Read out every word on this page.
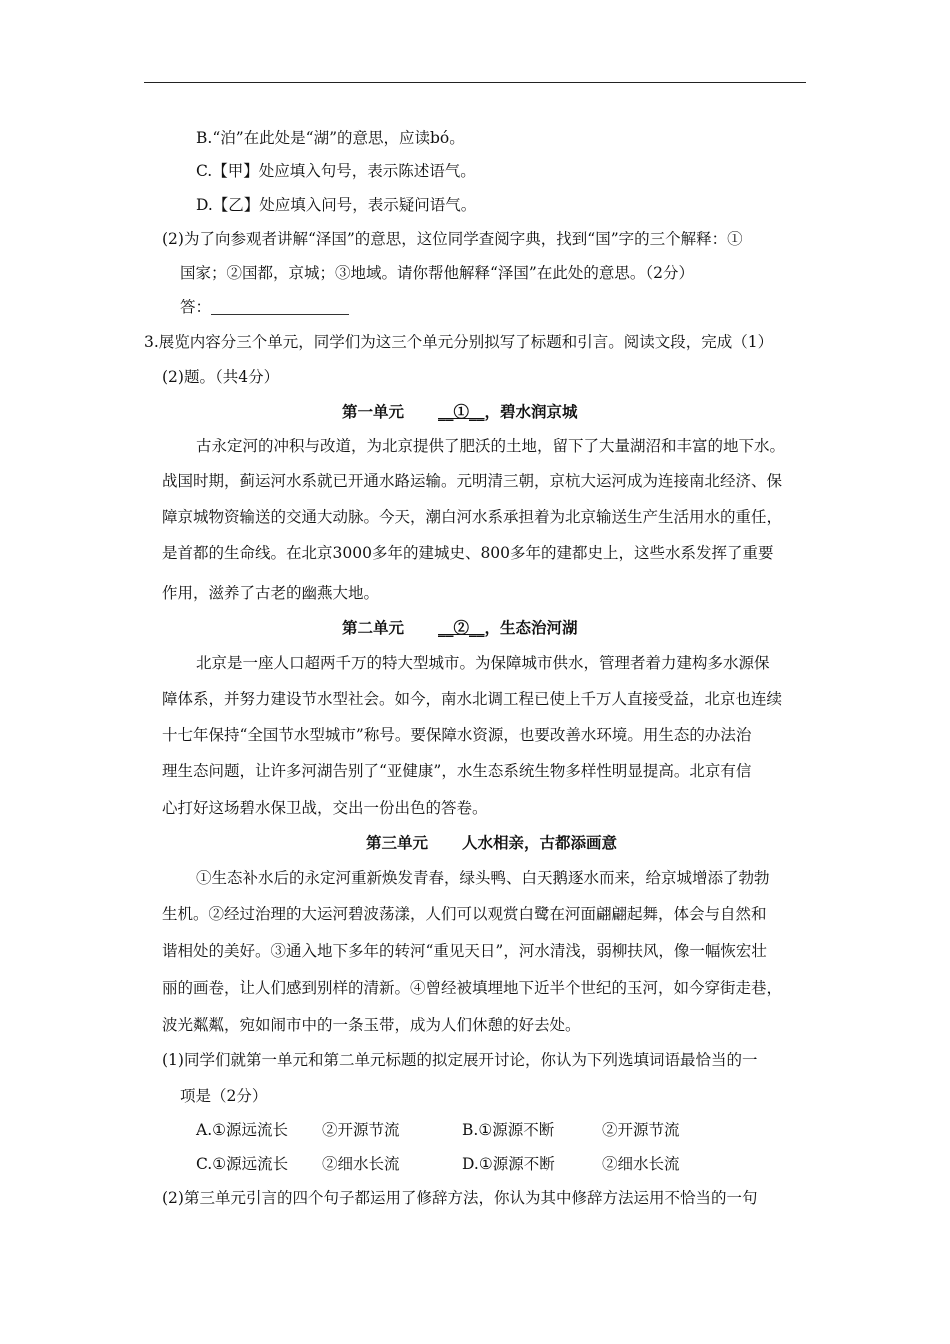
B.“泊”在此处是“湖”的意思，应读bó。
C.【甲】处应填入句号，表示陈述语气。
D.【乙】处应填入问号，表示疑问语气。
(2)为了向参观者讲解“泽国”的意思，这位同学查阅字典，找到“国”字的三个解释：①
国家；②国都，京城；③地域。请你帮他解释“泽国”在此处的意思。（2分）
答：
3.展览内容分三个单元，同学们为这三个单元分别拟写了标题和引言。阅读文段，完成（1）
(2)题。（共4分）
第一单元 __①__，碧水润京城
古永定河的冲积与改道，为北京提供了肥沃的土地，留下了大量湖沼和丰富的地下水。
战国时期，蓟运河水系就已开通水路运输。元明清三朝，京杭大运河成为连接南北经济、保
障京城物资输送的交通大动脉。今天，潮白河水系承担着为北京输送生产生活用水的重任，
是首都的生命线。在北京3000多年的建城史、800多年的建都史上，这些水系发挥了重要
作用，滋养了古老的幽燕大地。
第二单元 __②__，生态治河湖
北京是一座人口超两千万的特大型城市。为保障城市供水，管理者着力建构多水源保
障体系，并努力建设节水型社会。如今，南水北调工程已使上千万人直接受益，北京也连续
十七年保持“全国节水型城市”称号。要保障水资源，也要改善水环境。用生态的办法治
理生态问题，让许多河湖告别了“亚健康”，水生态系统生物多样性明显提高。北京有信
心打好这场碧水保卫战，交出一份出色的答卷。
第三单元 人水相亲，古都添画意
①生态补水后的永定河重新焕发青春，绿头鸭、白天鹅逐水而来，给京城增添了勃勃
生机。②经过治理的大运河碧波荡漾，人们可以观赏白鹭在河面翩翩起舞，体会与自然和
谐相处的美好。③通入地下多年的转河“重见天日”，河水清浅，弱柳扶风，像一幅恢宏壮
丽的画卷，让人们感到别样的清新。④曾经被填埋地下近半个世纪的玉河，如今穿街走巷，
波光粼粼，宛如闹市中的一条玉带，成为人们休憩的好去处。
(1)同学们就第一单元和第二单元标题的拟定展开讨论，你认为下列选填词语最恰当的一
项是（2分）
A.①源远流长 ②开源节流	B.①源源不断	②开源节流
C.①源远流长 ②细水长流	D.①源源不断	②细水长流
(2)第三单元引言的四个句子都运用了修辞方法，你认为其中修辞方法运用不恰当的一句
